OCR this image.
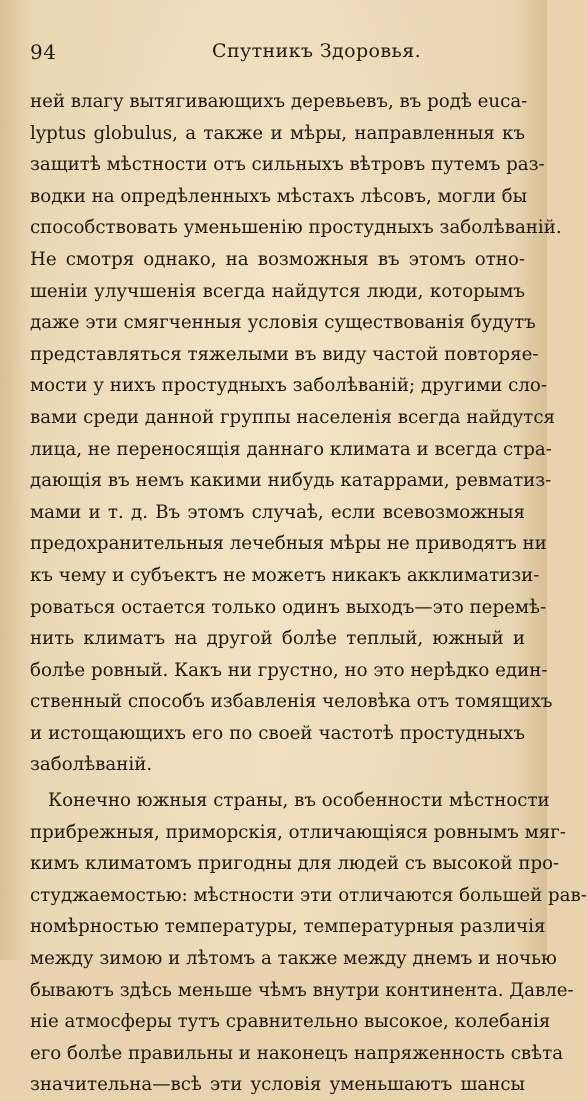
94	Спутникъ Здоровья.
ней влагу вытягивающихъ деревьевъ, въ родѣ euca-
lyptus globulus, а также и мѣры, направленныя къ
защитѣ мѣстности отъ сильныхъ вѣтровъ путемъ раз-
водки на опредѣленныхъ мѣстахъ лѣсовъ, могли бы
способствовать уменьшенію простудныхъ заболѣваній.
Не смотря однако, на возможныя въ этомъ отно-
шеніи улучшенія всегда найдутся люди, которымъ
даже эти смягченныя условія существованія будутъ
представляться тяжелыми въ виду частой повторяе-
мости у нихъ простудныхъ заболѣваній; другими сло-
вами среди данной группы населенія всегда найдутся
лица, не переносящія даннаго климата и всегда стра-
дающія въ немъ какими нибудь катаррами, ревматиз-
мами и т. д. Въ этомъ случаѣ, если всевозможныя
предохранительныя лечебныя мѣры не приводятъ ни
къ чему и субъектъ не можетъ никакъ акклиматизи-
роваться остается только одинъ выходъ—это перемѣ-
нить климатъ на другой болѣе теплый, южный и
болѣе ровный. Какъ ни грустно, но это нерѣдко един-
ственный способъ избавленія человѣка отъ томящихъ
и истощающихъ его по своей частотѣ простудныхъ
заболѣваній.
Конечно южныя страны, въ особенности мѣстности
прибрежныя, приморскія, отличающіяся ровнымъ мяг-
кимъ климатомъ пригодны для людей съ высокой про-
студжаемостью: мѣстности эти отличаются большей рав-
номѣрностью температуры, температурныя различія
между зимою и лѣтомъ а также между днемъ и ночью
бываютъ здѣсь меньше чѣмъ внутри континента. Давле-
ніе атмосферы тутъ сравнительно высокое, колебанія
его болѣе правильны и наконецъ напряженность свѣта
значительна—всѣ эти условія уменьшаютъ шансы
